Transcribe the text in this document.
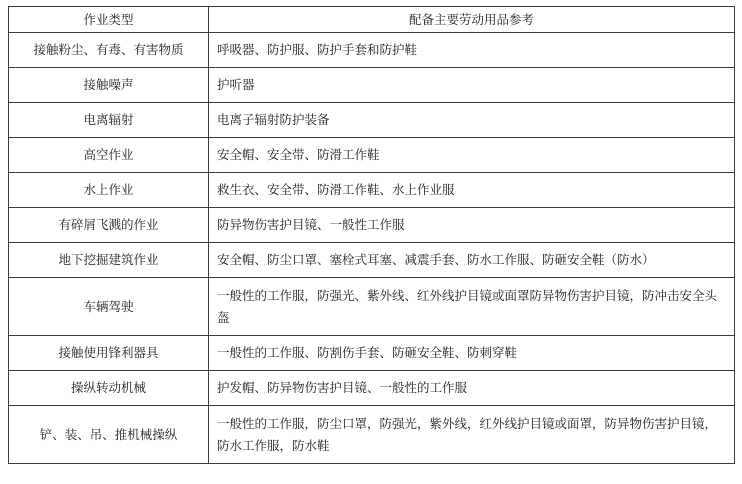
作业类型	配备主要劳动用品参考
接触粉尘、有毒、有害物质	呼吸器、防护服、防护手套和防护鞋
接触噪声	护听器
电离辐射	电离子辐射防护装备
高空作业	安全帽、安全带、防滑工作鞋
水上作业	救生衣、安全带、防滑工作鞋、水上作业服
有碎屑飞溅的作业	防异物伤害护目镜、一般性工作服
地下挖掘建筑作业	安全帽、防尘口罩、塞栓式耳塞、减震手套、防水工作服、防砸安全鞋（防水）
车辆驾驶	一般性的工作服，防强光、紫外线、红外线护目镜或面罩防异物伤害护目镜，防冲击安全头盔
接触使用锋利器具	一般性的工作服、防割伤手套、防砸安全鞋、防刺穿鞋
操纵转动机械	护发帽、防异物伤害护目镜、一般性的工作服
铲、装、吊、推机械操纵	一般性的工作服，防尘口罩，防强光，紫外线，红外线护目镜或面罩，防异物伤害护目镜，防水工作服，防水鞋
